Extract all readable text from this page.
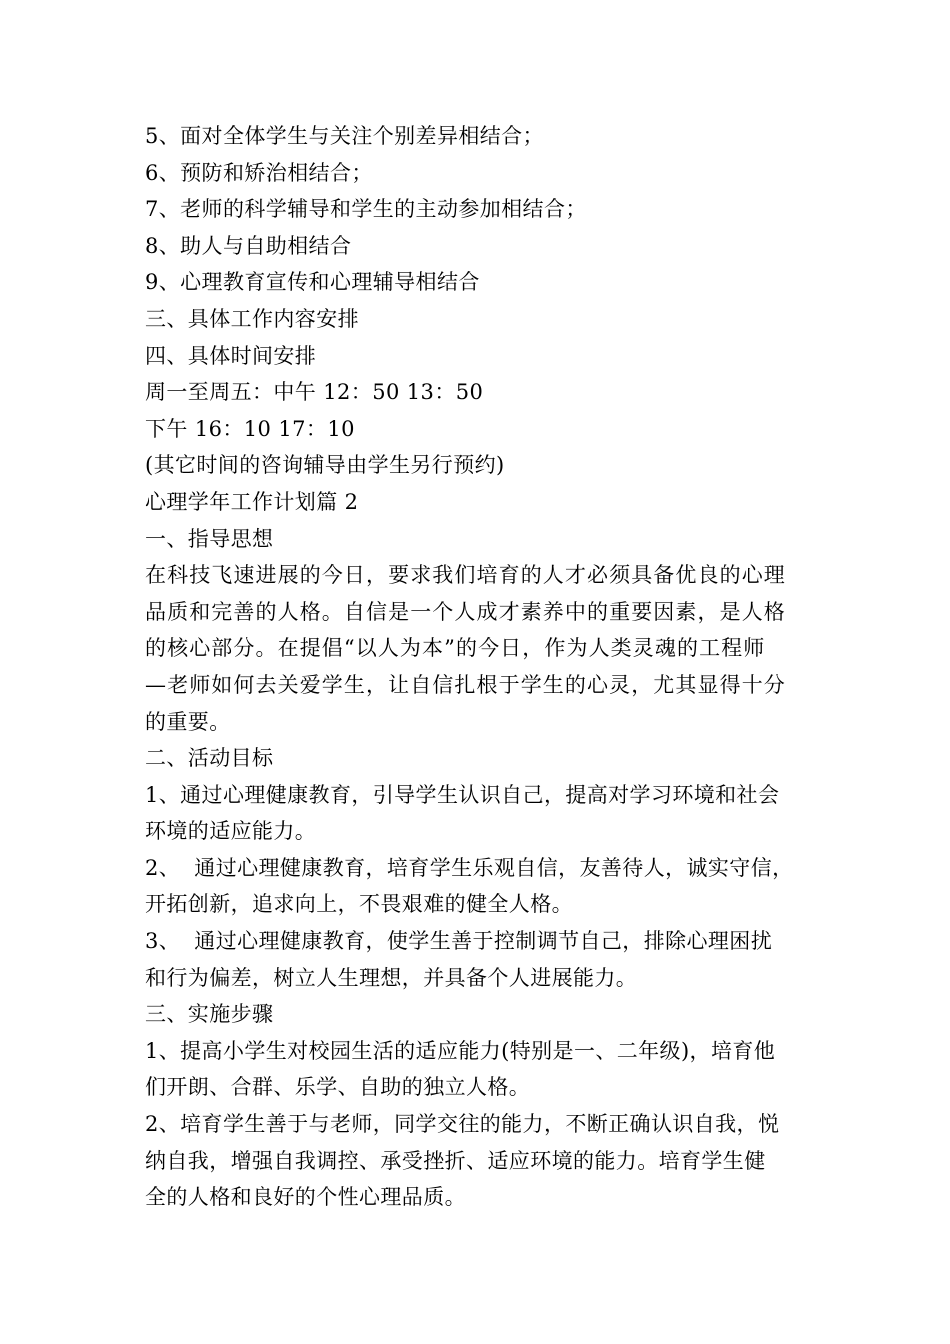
5、面对全体学生与关注个别差异相结合；
6、预防和矫治相结合；
7、老师的科学辅导和学生的主动参加相结合；
8、助人与自助相结合
9、心理教育宣传和心理辅导相结合
三、具体工作内容安排
四、具体时间安排
周一至周五：中午 12：50 13：50
下午 16：10 17：10
(其它时间的咨询辅导由学生另行预约)
心理学年工作计划篇 2
一、指导思想
在科技飞速进展的今日，要求我们培育的人才必须具备优良的心理
品质和完善的人格。自信是一个人成才素养中的重要因素，是人格
的核心部分。在提倡“以人为本”的今日，作为人类灵魂的工程师
—老师如何去关爱学生，让自信扎根于学生的心灵，尤其显得十分
的重要。
二、活动目标
1、通过心理健康教育，引导学生认识自己，提高对学习环境和社会
环境的适应能力。
2、  通过心理健康教育，培育学生乐观自信，友善待人，诚实守信，
开拓创新，追求向上，不畏艰难的健全人格。
3、  通过心理健康教育，使学生善于控制调节自己，排除心理困扰
和行为偏差，树立人生理想，并具备个人进展能力。
三、实施步骤
1、提高小学生对校园生活的适应能力(特别是一、二年级)，培育他
们开朗、合群、乐学、自助的独立人格。
2、培育学生善于与老师，同学交往的能力，不断正确认识自我，悦
纳自我，增强自我调控、承受挫折、适应环境的能力。培育学生健
全的人格和良好的个性心理品质。
